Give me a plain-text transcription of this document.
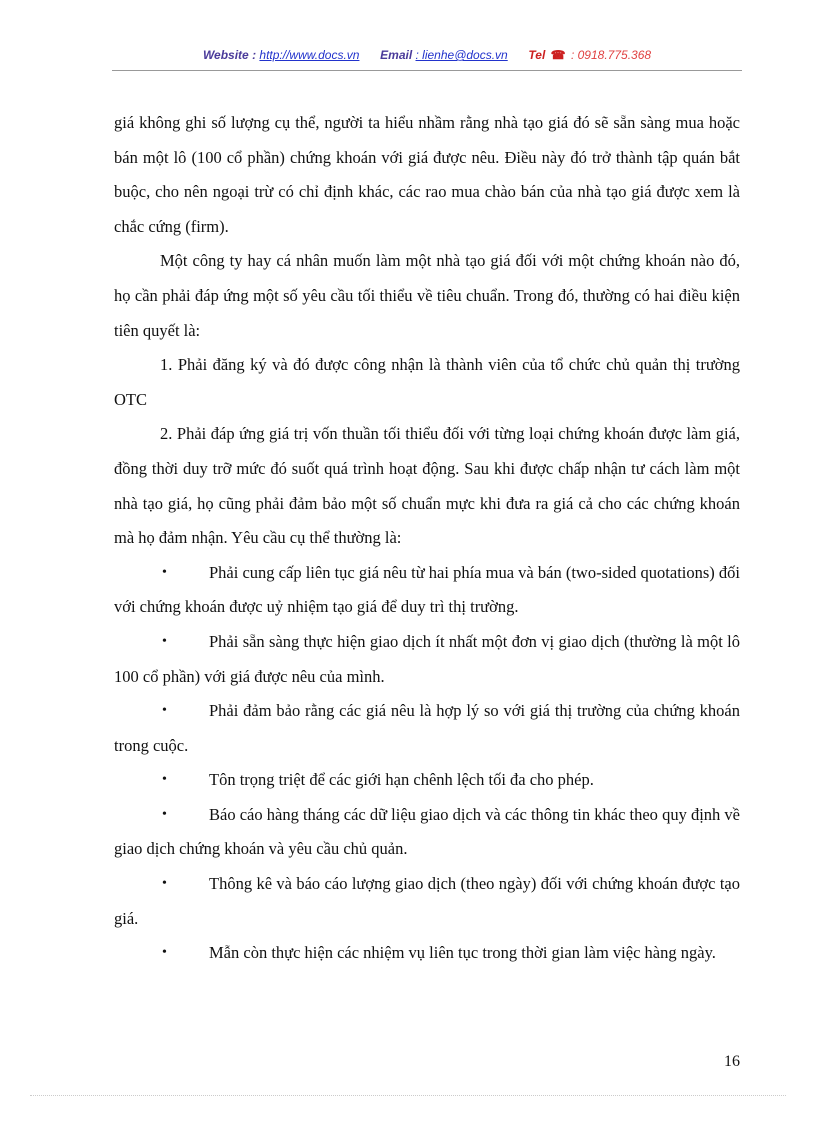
Website : http://www.docs.vn Email : lienhe@docs.vn Tel ☎ : 0918.775.368

giá không ghi số lượng cụ thể, người ta hiểu nhầm rằng nhà tạo giá đó sẽ sẵn sàng mua hoặc bán một lô (100 cổ phần) chứng khoán với giá được nêu. Điều này đó trở thành tập quán bắt buộc, cho nên ngoại trừ có chỉ định khác, các rao mua chào bán của nhà tạo giá được xem là chắc cứng (firm).

Một công ty hay cá nhân muốn làm một nhà tạo giá đối với một chứng khoán nào đó, họ cần phải đáp ứng một số yêu cầu tối thiểu về tiêu chuẩn. Trong đó, thường có hai điều kiện tiên quyết là:

1. Phải đăng ký và đó được công nhận là thành viên của tổ chức chủ quản thị trường OTC

2. Phải đáp ứng giá trị vốn thuần tối thiểu đối với từng loại chứng khoán được làm giá, đồng thời duy trỡ mức đó suốt quá trình hoạt động. Sau khi được chấp nhận tư cách làm một nhà tạo giá, họ cũng phải đảm bảo một số chuẩn mực khi đưa ra giá cả cho các chứng khoán mà họ đảm nhận. Yêu cầu cụ thể thường là:

•	Phải cung cấp liên tục giá nêu từ hai phía mua và bán (two-sided quotations) đối với chứng khoán được uỷ nhiệm tạo giá để duy trì thị trường.

•	Phải sẵn sàng thực hiện giao dịch ít nhất một đơn vị giao dịch (thường là một lô 100 cổ phần) với giá được nêu của mình.

•	Phải đảm bảo rằng các giá nêu là hợp lý so với giá thị trường của chứng khoán trong cuộc.

•	Tôn trọng triệt để các giới hạn chênh lệch tối đa cho phép.

•	Báo cáo hàng tháng các dữ liệu giao dịch và các thông tin khác theo quy định về giao dịch chứng khoán và yêu cầu chủ quản.

•	Thông kê và báo cáo lượng giao dịch (theo ngày) đối với chứng khoán được tạo giá.

•	Mẫn còn thực hiện các nhiệm vụ liên tục trong thời gian làm việc hàng ngày.

16
